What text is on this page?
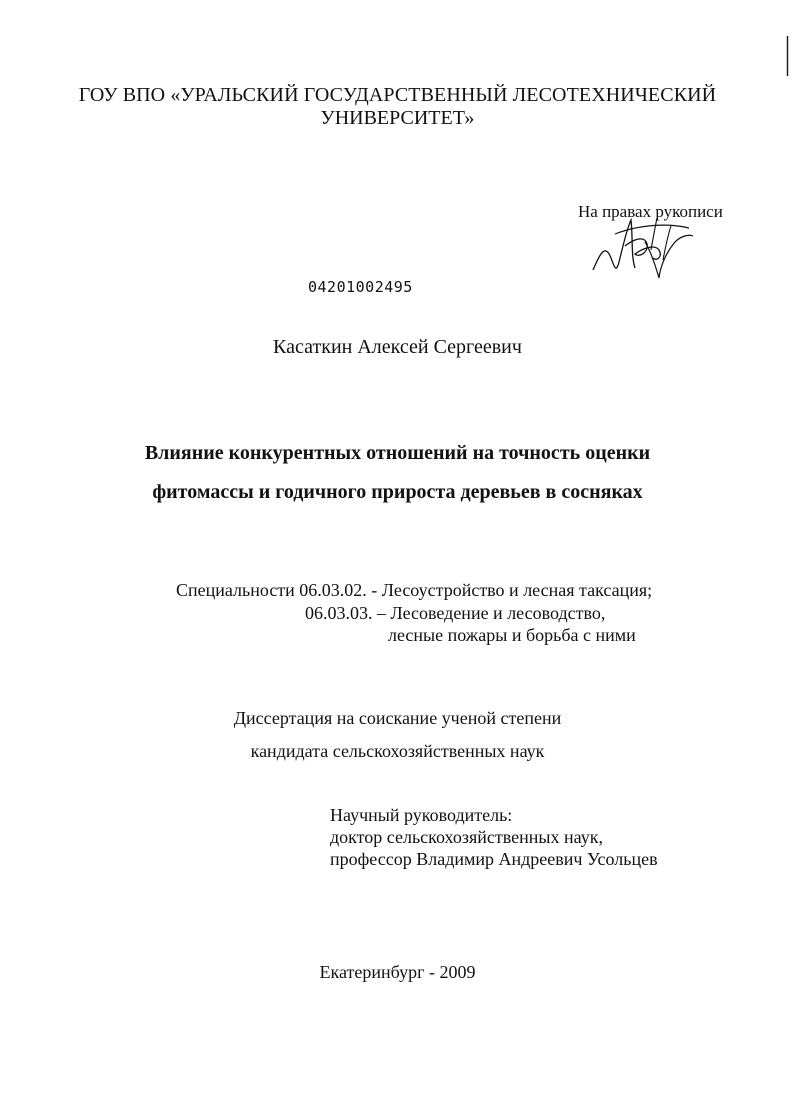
ГОУ ВПО «УРАЛЬСКИЙ ГОСУДАРСТВЕННЫЙ ЛЕСОТЕХНИЧЕСКИЙ
УНИВЕРСИТЕТ»
На правах рукописи
04201002495
Касаткин Алексей Сергеевич
Влияние конкурентных отношений на точность оценки
фитомассы и годичного прироста деревьев в сосняках
Специальности 06.03.02. - Лесоустройство и лесная таксация;
06.03.03. – Лесоведение и лесоводство,
лесные пожары и борьба с ними
Диссертация на соискание ученой степени
кандидата сельскохозяйственных наук
Научный руководитель:
доктор сельскохозяйственных наук,
профессор Владимир Андреевич Усольцев
Екатеринбург - 2009
